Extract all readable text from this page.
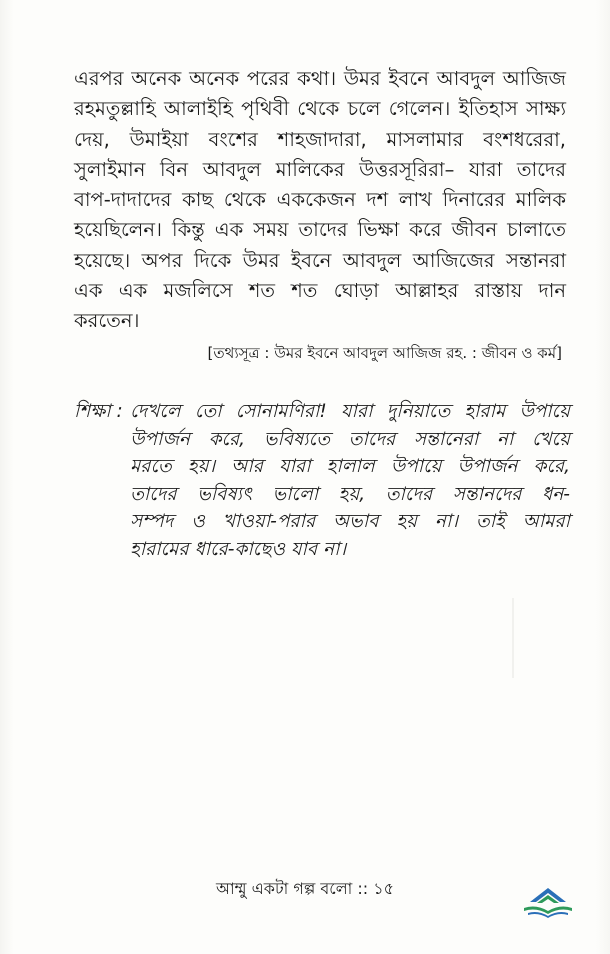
এরপর অনেক অনেক পরের কথা। উমর ইবনে আবদুল আজিজ
রহমতুল্লাহি আলাইহি পৃথিবী থেকে চলে গেলেন। ইতিহাস সাক্ষ্য
দেয়, উমাইয়া বংশের শাহজাদারা, মাসলামার বংশধরেরা,
সুলাইমান বিন আবদুল মালিকের উত্তরসূরিরা– যারা তাদের
বাপ-দাদাদের কাছ থেকে এককেজন দশ লাখ দিনারের মালিক
হয়েছিলেন। কিন্তু এক সময় তাদের ভিক্ষা করে জীবন চালাতে
হয়েছে। অপর দিকে উমর ইবনে আবদুল আজিজের সন্তানরা
এক এক মজলিসে শত শত ঘোড়া আল্লাহর রাস্তায় দান
করতেন।
[তথ্যসূত্র : উমর ইবনে আবদুল আজিজ রহ. : জীবন ও কর্ম]
শিক্ষা : দেখলে তো সোনামণিরা! যারা দুনিয়াতে হারাম উপায়ে
উপার্জন করে, ভবিষ্যতে তাদের সন্তানেরা না খেয়ে
মরতে হয়। আর যারা হালাল উপায়ে উপার্জন করে,
তাদের ভবিষ্যৎ ভালো হয়, তাদের সন্তানদের ধন-
সম্পদ ও খাওয়া-পরার অভাব হয় না। তাই আমরা
হারামের ধারে-কাছেও যাব না।
আম্মু একটা গল্প বলো :: ১৫
